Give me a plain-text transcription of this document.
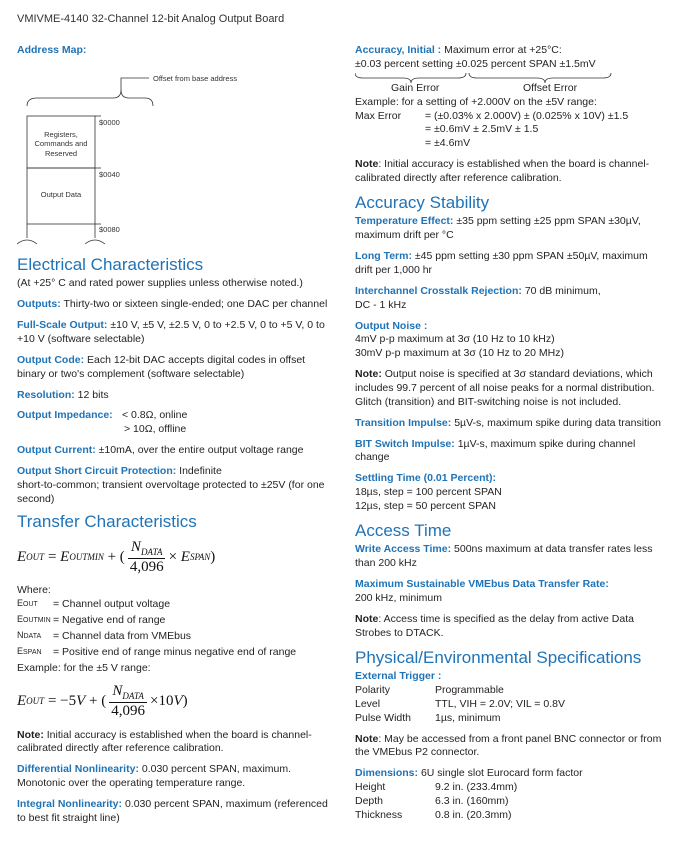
VMIVME-4140 32-Channel 12-bit Analog Output Board
Address Map:
Offset from base address
Registers, Commands and Reserved
Output Data
$0000
$0040
$0080
Electrical Characteristics

(At +25° C and rated power supplies unless otherwise noted.)

Outputs: Thirty-two or sixteen single-ended; one DAC per channel

Full-Scale Output: ±10 V, ±5 V, ±2.5 V, 0 to +2.5 V, 0 to +5 V, 0 to +10 V (software selectable)

Output Code: Each 12-bit DAC accepts digital codes in offset binary or two's complement (software selectable)

Resolution: 12 bits

Output Impedance: < 0.8Ω, online
> 10Ω, offline

Output Current: ±10mA, over the entire output voltage range

Output Short Circuit Protection: Indefinite
short-to-common; transient overvoltage protected to ±25V (for one second)

Transfer Characteristics
E OUT = E OUTMIN + ( $\frac{N_{DATA}}{4,096} \times E$ SPAN )
Where:
EOUT	= Channel output voltage
EOUTMIN = Negative end of range
NDATA	= Channel data from VMEbus
ESPAN	= Positive end of range minus negative end of range
Example: for the ±5 V range:
E OUT = −5 V + ( $\frac{N_{DATA}}{4,096} \times 10$ V )

Note: Initial accuracy is established when the board is channel-calibrated directly after reference calibration.

Differential Nonlinearity: 0.030 percent SPAN, maximum. Monotonic over the operating temperature range.

Integral Nonlinearity: 0.030 percent SPAN, maximum (referenced to best fit straight line)

Accuracy, Initial : Maximum error at +25°C:
±0.03 percent setting ±0.025 percent SPAN ±1.5mV
Gain Error	Offset Error
Example: for a setting of +2.000V on the ±5V range:
Max Error	= (±0.03% x 2.000V) ± (0.025% x 10V) ±1.5
= ±0.6mV ± 2.5mV ± 1.5
= ±4.6mV

Note: Initial accuracy is established when the board is channel-calibrated directly after reference calibration.

Accuracy Stability

Temperature Effect: ±35 ppm setting ±25 ppm SPAN ±30µV, maximum drift per °C

Long Term: ±45 ppm setting ±30 ppm SPAN ±50µV, maximum drift per 1,000 hr

Interchannel Crosstalk Rejection: 70 dB minimum,
DC - 1 kHz

Output Noise :
4mV p-p maximum at 3σ (10 Hz to 10 kHz)
30mV p-p maximum at 3σ (10 Hz to 20 MHz)

Note: Output noise is specified at 3σ standard deviations, which includes 99.7 percent of all noise peaks for a normal distribution. Glitch (transition) and BIT-switching noise is not included.

Transition Impulse: 5µV-s, maximum spike during data transition

BIT Switch Impulse: 1µV-s, maximum spike during channel change

Settling Time (0.01 Percent):
18µs, step = 100 percent SPAN
12µs, step = 50 percent SPAN

Access Time

Write Access Time: 500ns maximum at data transfer rates less than 200 kHz

Maximum Sustainable VMEbus Data Transfer Rate:
200 kHz, minimum

Note: Access time is specified as the delay from active Data Strobes to DTACK.

Physical/Environmental Specifications
External Trigger :
Polarity	Programmable
Level	TTL, VIH = 2.0V; VIL = 0.8V
Pulse Width	1µs, minimum

Note: May be accessed from a front panel BNC connector or from the VMEbus P2 connector.

Dimensions: 6U single slot Eurocard form factor
Height	9.2 in. (233.4mm)
Depth	6.3 in. (160mm)
Thickness	0.8 in. (20.3mm)
